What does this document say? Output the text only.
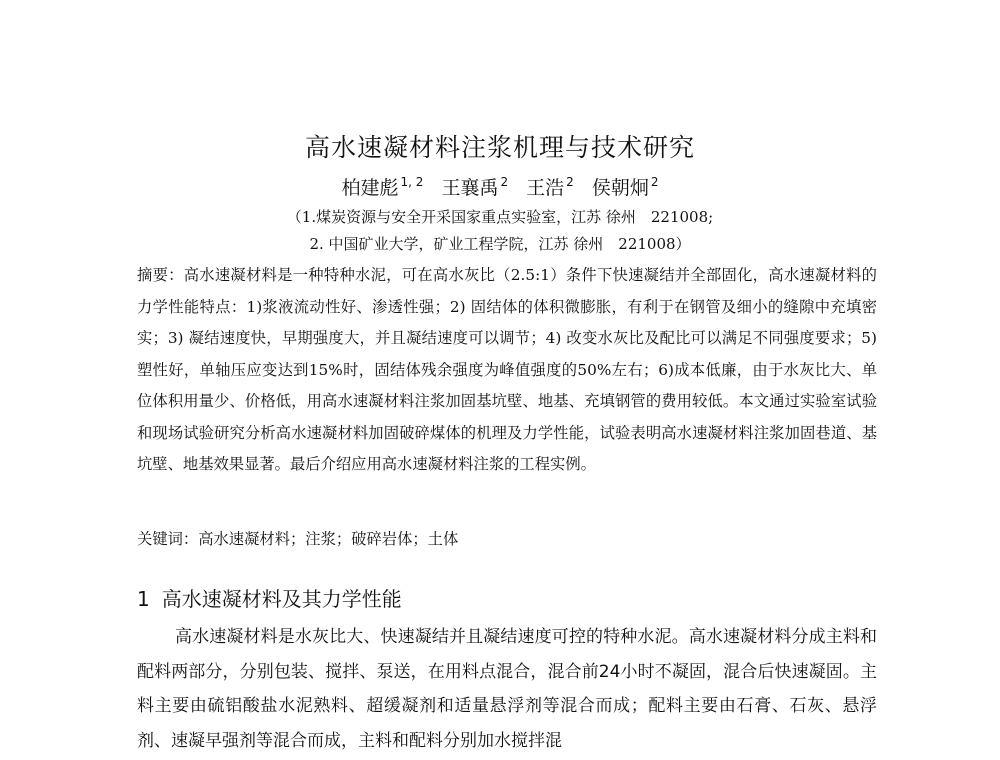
高水速凝材料注浆机理与技术研究
柏建彪 $^{1, 2}$ 王襄禹 $^2$ 王浩 $^2$ 侯朝炯 $^2$
（1.煤炭资源与安全开采国家重点实验室，江苏 徐州　221008;
2. 中国矿业大学，矿业工程学院，江苏 徐州　221008）
摘要：高水速凝材料是一种特种水泥，可在高水灰比（2.5:1）条件下快速凝结并全部固化，高水速凝材料的力学性能特点：1)浆液流动性好、渗透性强；2) 固结体的体积微膨胀，有利于在钢管及细小的缝隙中充填密实；3) 凝结速度快，早期强度大，并且凝结速度可以调节；4) 改变水灰比及配比可以满足不同强度要求；5) 塑性好，单轴压应变达到15%时，固结体残余强度为峰值强度的50%左右；6)成本低廉，由于水灰比大、单位体积用量少、价格低，用高水速凝材料注浆加固基坑壁、地基、充填钢管的费用较低。本文通过实验室试验和现场试验研究分析高水速凝材料加固破碎煤体的机理及力学性能，试验表明高水速凝材料注浆加固巷道、基坑壁、地基效果显著。最后介绍应用高水速凝材料注浆的工程实例。
关键词：高水速凝材料；注浆；破碎岩体；土体
1 高水速凝材料及其力学性能
高水速凝材料是水灰比大、快速凝结并且凝结速度可控的特种水泥。高水速凝材料分成主料和配料两部分，分别包装、搅拌、泵送，在用料点混合，混合前24小时不凝固，混合后快速凝固。主料主要由硫铝酸盐水泥熟料、超缓凝剂和适量悬浮剂等混合而成；配料主要由石膏、石灰、悬浮剂、速凝早强剂等混合而成，主料和配料分别加水搅拌混
